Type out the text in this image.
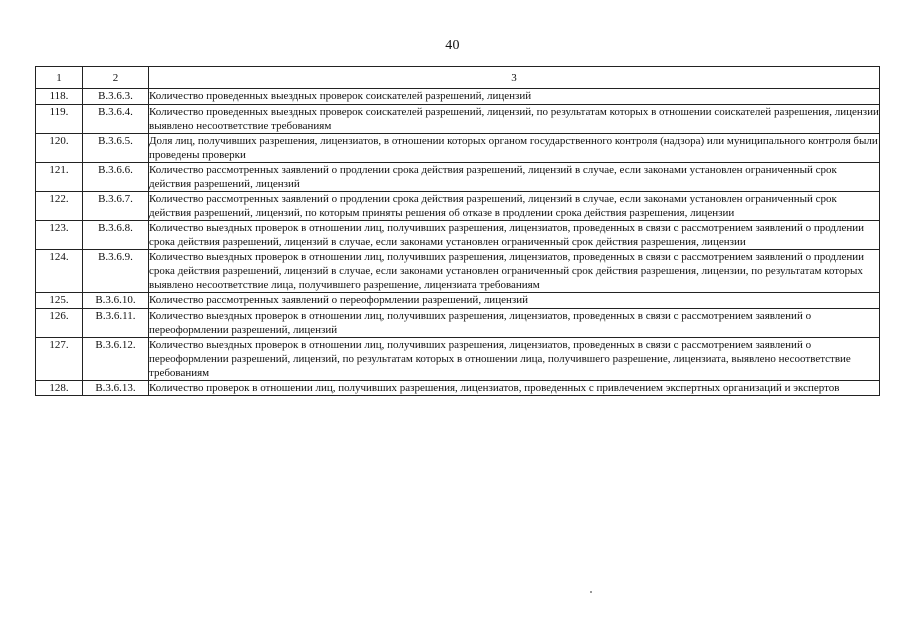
40
1	2	3
118.	В.3.6.3.	Количество проведенных выездных проверок соискателей разрешений, лицензий
119.	В.3.6.4.	Количество проведенных выездных проверок соискателей разрешений, лицензий, по результатам которых в отношении соискателей разрешения, лицензии выявлено несоответствие требованиям
120.	В.3.6.5.	Доля лиц, получивших разрешения, лицензиатов, в отношении которых органом государственного контроля (надзора) или муниципального контроля были проведены проверки
121.	В.3.6.6.	Количество рассмотренных заявлений о продлении срока действия разрешений, лицензий в случае, если законами установлен ограниченный срок действия разрешений, лицензий
122.	В.3.6.7.	Количество рассмотренных заявлений о продлении срока действия разрешений, лицензий в случае, если законами установлен ограниченный срок действия разрешений, лицензий, по которым приняты решения об отказе в продлении срока действия разрешения, лицензии
123.	В.3.6.8.	Количество выездных проверок в отношении лиц, получивших разрешения, лицензиатов, проведенных в связи с рассмотрением заявлений о продлении срока действия разрешений, лицензий в случае, если законами установлен ограниченный срок действия разрешения, лицензии
124.	В.3.6.9.	Количество выездных проверок в отношении лиц, получивших разрешения, лицензиатов, проведенных в связи с рассмотрением заявлений о продлении срока действия разрешений, лицензий в случае, если законами установлен ограниченный срок действия разрешения, лицензии, по результатам которых выявлено несоответствие лица, получившего разрешение, лицензиата требованиям
125.	В.3.6.10.	Количество рассмотренных заявлений о переоформлении разрешений, лицензий
126.	В.3.6.11.	Количество выездных проверок в отношении лиц, получивших разрешения, лицензиатов, проведенных в связи с рассмотрением заявлений о переоформлении разрешений, лицензий
127.	В.3.6.12.	Количество выездных проверок в отношении лиц, получивших разрешения, лицензиатов, проведенных в связи с рассмотрением заявлений о переоформлении разрешений, лицензий, по результатам которых в отношении лица, получившего разрешение, лицензиата, выявлено несоответствие требованиям
128.	В.3.6.13.	Количество проверок в отношении лиц, получивших разрешения, лицензиатов, проведенных с привлечением экспертных организаций и экспертов
